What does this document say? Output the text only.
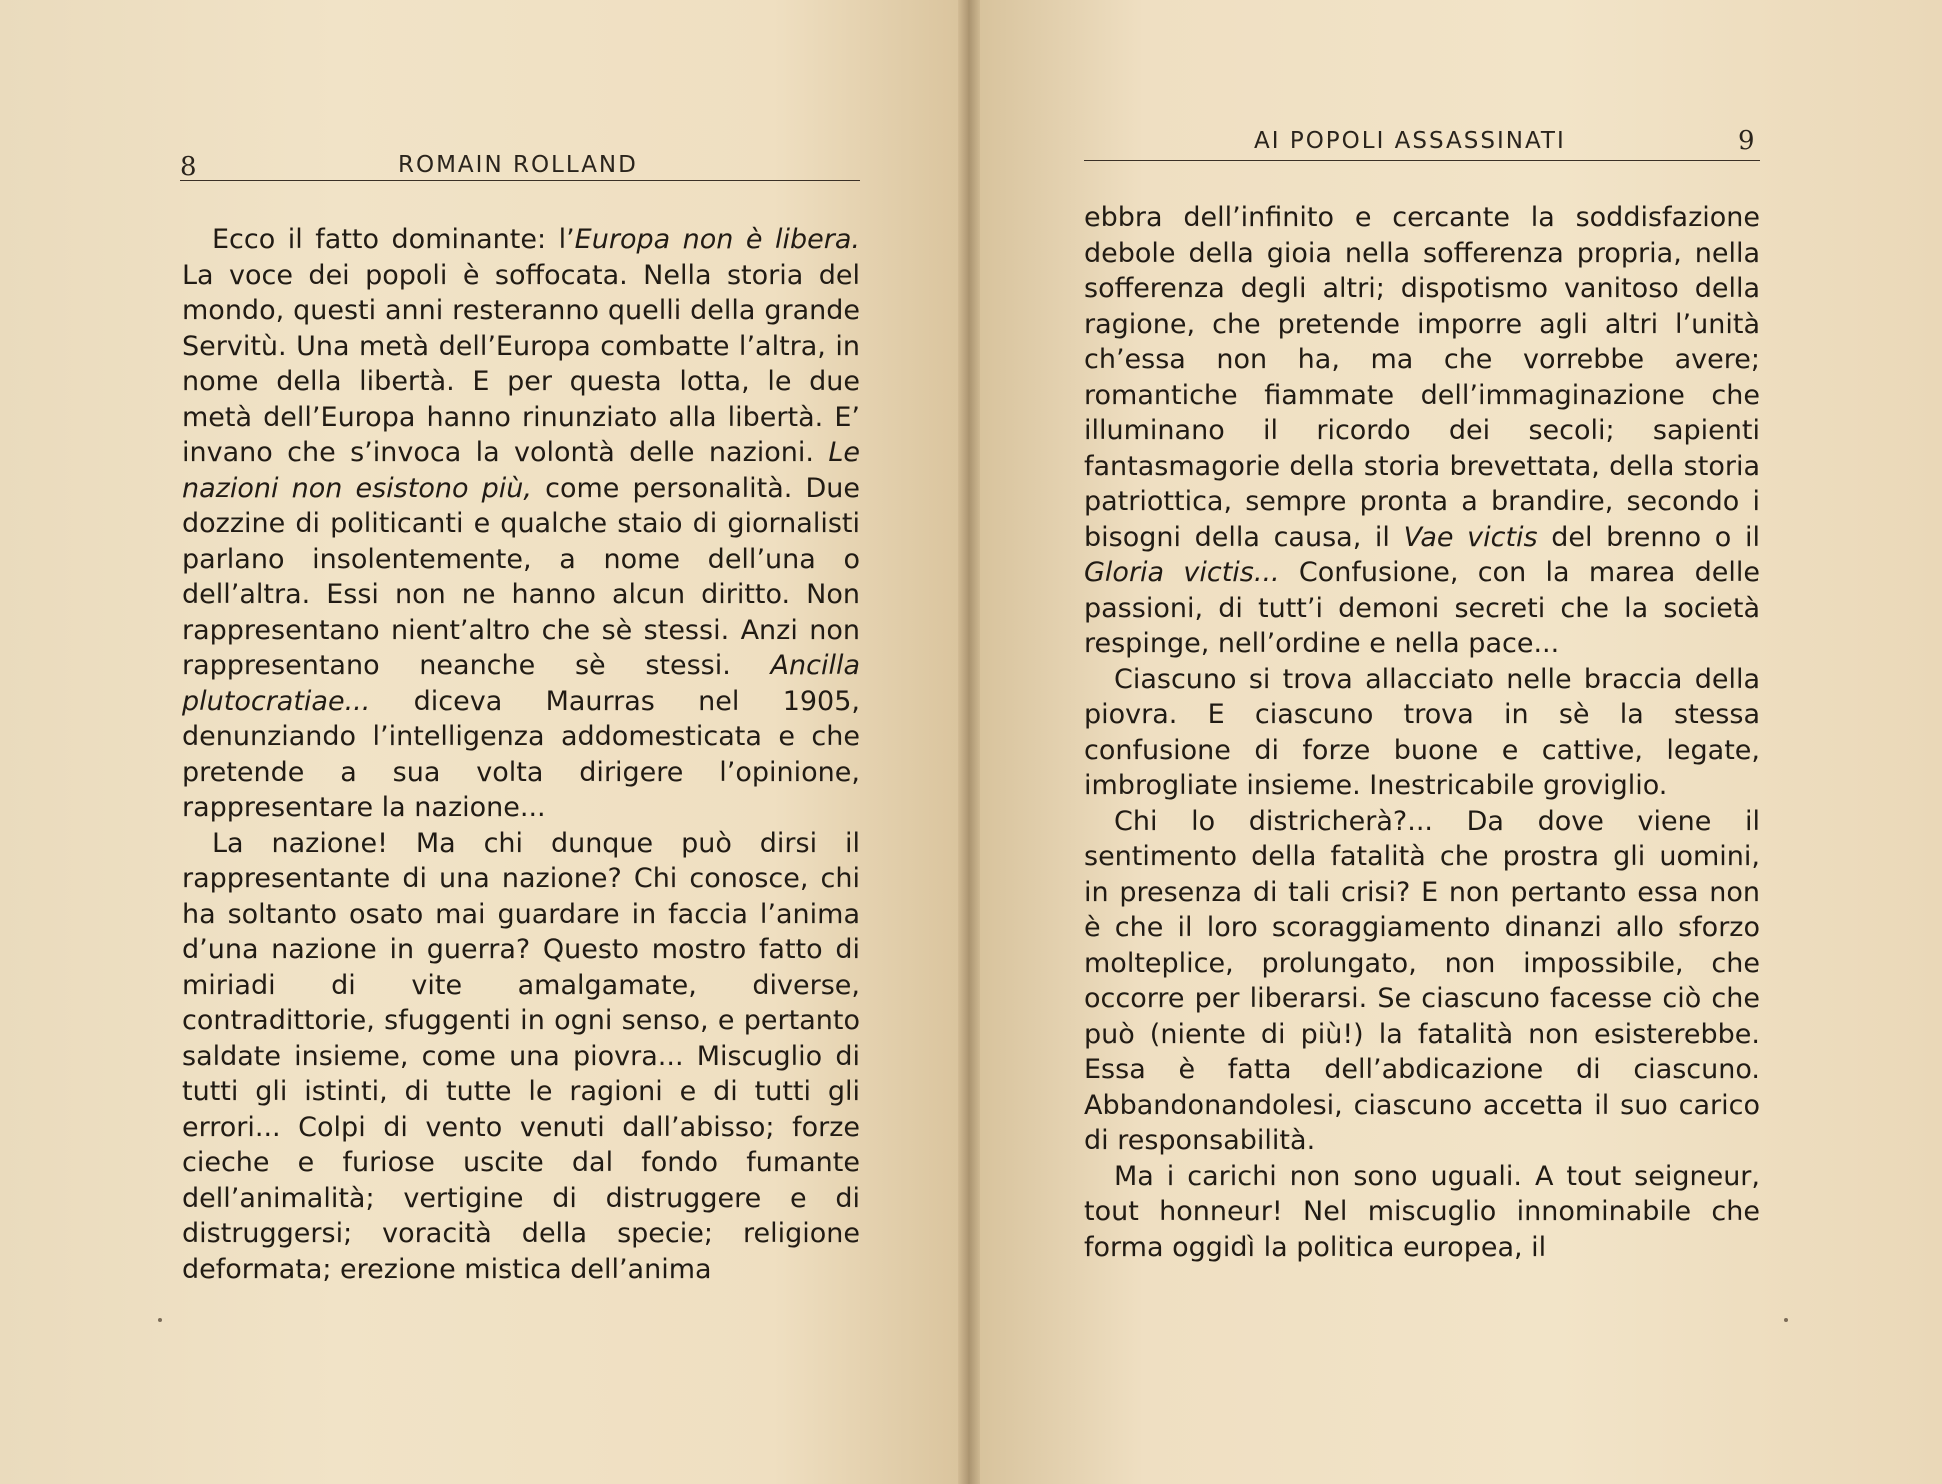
8	ROMAIN ROLLAND

Ecco il fatto dominante: l’Europa non è libera. La voce dei popoli è soffocata. Nella storia del mondo, questi anni resteranno quelli della grande Servitù. Una metà dell’Europa combatte l’altra, in nome della libertà. E per questa lotta, le due metà dell’Europa hanno rinunziato alla libertà. E’ invano che s’invoca la volontà delle nazioni. Le nazioni non esistono più, come personalità. Due dozzine di politicanti e qualche staio di giornalisti parlano insolentemente, a nome dell’una o dell’altra. Essi non ne hanno alcun diritto. Non rappresentano nient’altro che sè stessi. Anzi non rappresentano neanche sè stessi. Ancilla plutocratiae... diceva Maurras nel 1905, denunziando l’intelligenza addomesticata e che pretende a sua volta dirigere l’opinione, rappresentare la nazione...

La nazione! Ma chi dunque può dirsi il rappresentante di una nazione? Chi conosce, chi ha soltanto osato mai guardare in faccia l’anima d’una nazione in guerra? Questo mostro fatto di miriadi di vite amalgamate, diverse, contradittorie, sfuggenti in ogni senso, e pertanto saldate insieme, come una piovra... Miscuglio di tutti gli istinti, di tutte le ragioni e di tutti gli errori... Colpi di vento venuti dall’abisso; forze cieche e furiose uscite dal fondo fumante dell’animalità; vertigine di distruggere e di distruggersi; voracità della specie; religione deformata; erezione mistica dell’anima

AI POPOLI ASSASSINATI	9

ebbra dell’infinito e cercante la soddisfazione debole della gioia nella sofferenza propria, nella sofferenza degli altri; dispotismo vanitoso della ragione, che pretende imporre agli altri l’unità ch’essa non ha, ma che vorrebbe avere; romantiche fiammate dell’immaginazione che illuminano il ricordo dei secoli; sapienti fantasmagorie della storia brevettata, della storia patriottica, sempre pronta a brandire, secondo i bisogni della causa, il Vae victis del brenno o il Gloria victis... Confusione, con la marea delle passioni, di tutt’i demoni secreti che la società respinge, nell’ordine e nella pace...

Ciascuno si trova allacciato nelle braccia della piovra. E ciascuno trova in sè la stessa confusione di forze buone e cattive, legate, imbrogliate insieme. Inestricabile groviglio.

Chi lo districherà?... Da dove viene il sentimento della fatalità che prostra gli uomini, in presenza di tali crisi? E non pertanto essa non è che il loro scoraggiamento dinanzi allo sforzo molteplice, prolungato, non impossibile, che occorre per liberarsi. Se ciascuno facesse ciò che può (niente di più!) la fatalità non esisterebbe. Essa è fatta dell’abdicazione di ciascuno. Abbandonandolesi, ciascuno accetta il suo carico di responsabilità.

Ma i carichi non sono uguali. A tout seigneur, tout honneur! Nel miscuglio innominabile che forma oggidì la politica europea, il
